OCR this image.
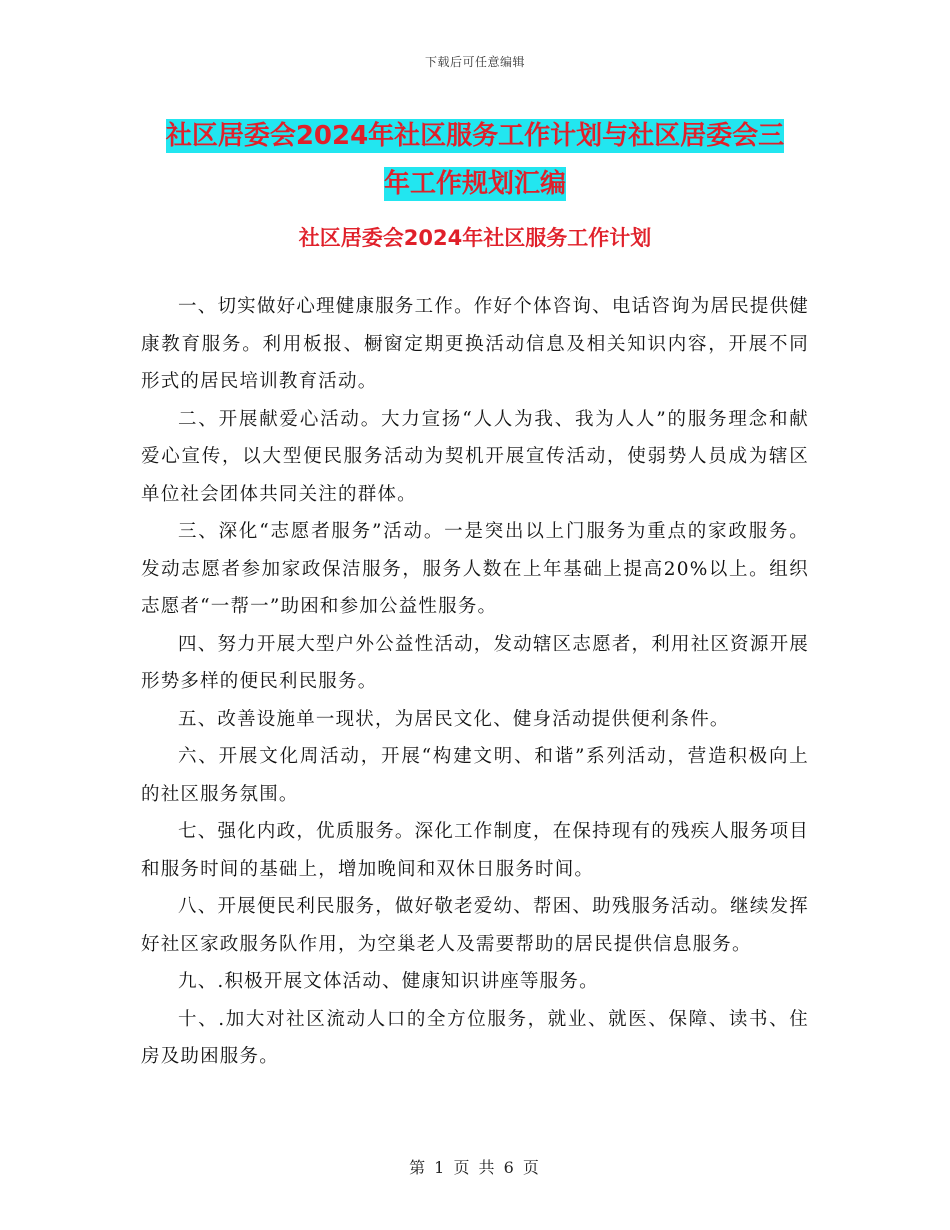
下载后可任意编辑
社区居委会2024年社区服务工作计划与社区居委会三
年工作规划汇编
社区居委会2024年社区服务工作计划

一、切实做好心理健康服务工作。作好个体咨询、电话咨询为居民提供健康教育服务。利用板报、橱窗定期更换活动信息及相关知识内容，开展不同形式的居民培训教育活动。

二、开展献爱心活动。大力宣扬“人人为我、我为人人”的服务理念和献爱心宣传，以大型便民服务活动为契机开展宣传活动，使弱势人员成为辖区单位社会团体共同关注的群体。

三、深化“志愿者服务”活动。一是突出以上门服务为重点的家政服务。发动志愿者参加家政保洁服务，服务人数在上年基础上提高20%以上。组织志愿者“一帮一”助困和参加公益性服务。

四、努力开展大型户外公益性活动，发动辖区志愿者，利用社区资源开展形势多样的便民利民服务。

五、改善设施单一现状，为居民文化、健身活动提供便利条件。

六、开展文化周活动，开展“构建文明、和谐”系列活动，营造积极向上的社区服务氛围。

七、强化内政，优质服务。深化工作制度，在保持现有的残疾人服务项目和服务时间的基础上，增加晚间和双休日服务时间。

八、开展便民利民服务，做好敬老爱幼、帮困、助残服务活动。继续发挥好社区家政服务队作用，为空巢老人及需要帮助的居民提供信息服务。

九、.积极开展文体活动、健康知识讲座等服务。

十、.加大对社区流动人口的全方位服务，就业、就医、保障、读书、住房及助困服务。

第 1 页 共 6 页
